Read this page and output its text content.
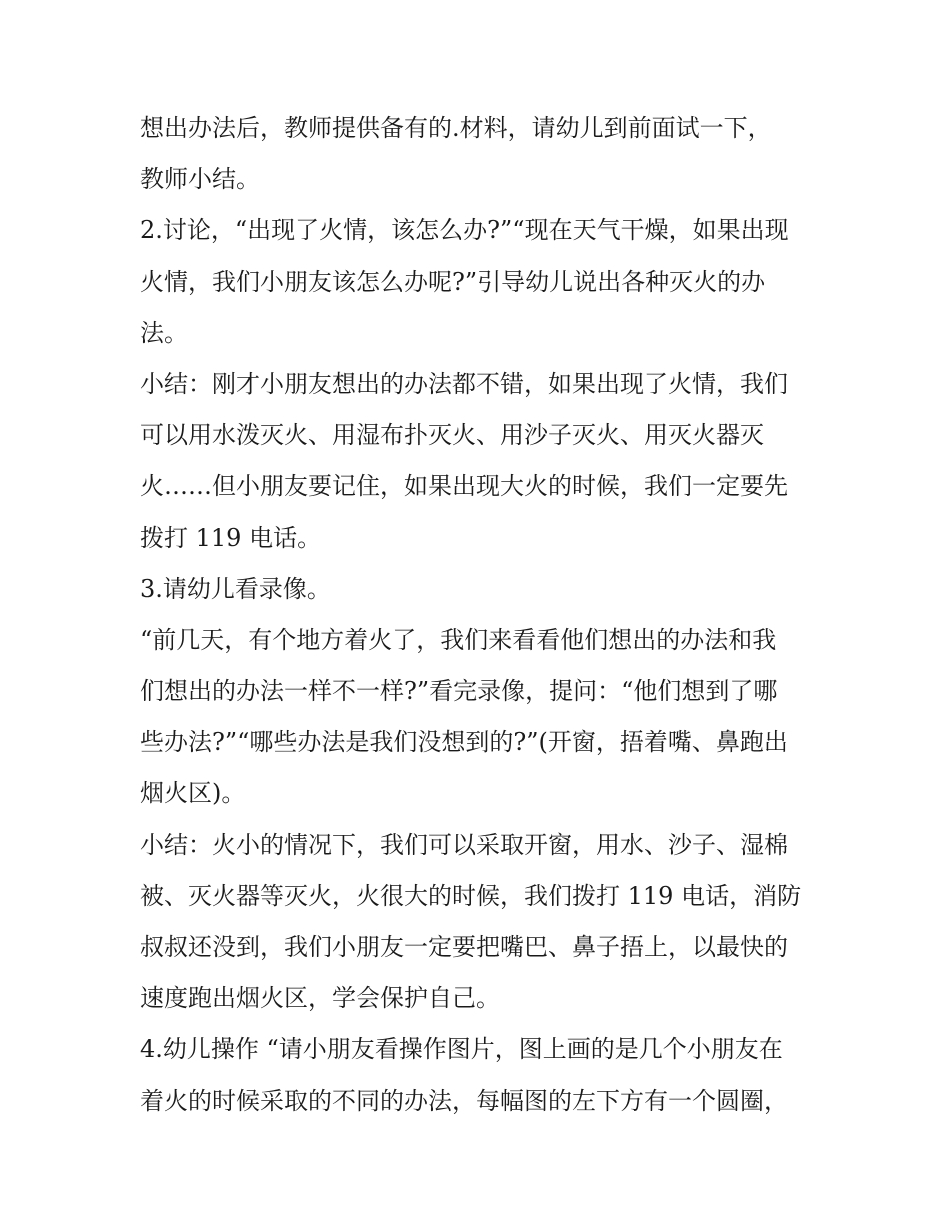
想出办法后，教师提供备有的.材料，请幼儿到前面试一下，
教师小结。
2.讨论，“出现了火情，该怎么办?”“现在天气干燥，如果出现
火情，我们小朋友该怎么办呢?”引导幼儿说出各种灭火的办
法。
小结：刚才小朋友想出的办法都不错，如果出现了火情，我们
可以用水泼灭火、用湿布扑灭火、用沙子灭火、用灭火器灭
火……但小朋友要记住，如果出现大火的时候，我们一定要先
拨打 119 电话。
3.请幼儿看录像。
“前几天，有个地方着火了，我们来看看他们想出的办法和我
们想出的办法一样不一样?”看完录像，提问：“他们想到了哪
些办法?”“哪些办法是我们没想到的?”(开窗，捂着嘴、鼻跑出
烟火区)。
小结：火小的情况下，我们可以采取开窗，用水、沙子、湿棉
被、灭火器等灭火，火很大的时候，我们拨打 119 电话，消防
叔叔还没到，我们小朋友一定要把嘴巴、鼻子捂上，以最快的
速度跑出烟火区，学会保护自己。
4.幼儿操作 “请小朋友看操作图片，图上画的是几个小朋友在
着火的时候采取的不同的办法，每幅图的左下方有一个圆圈，
